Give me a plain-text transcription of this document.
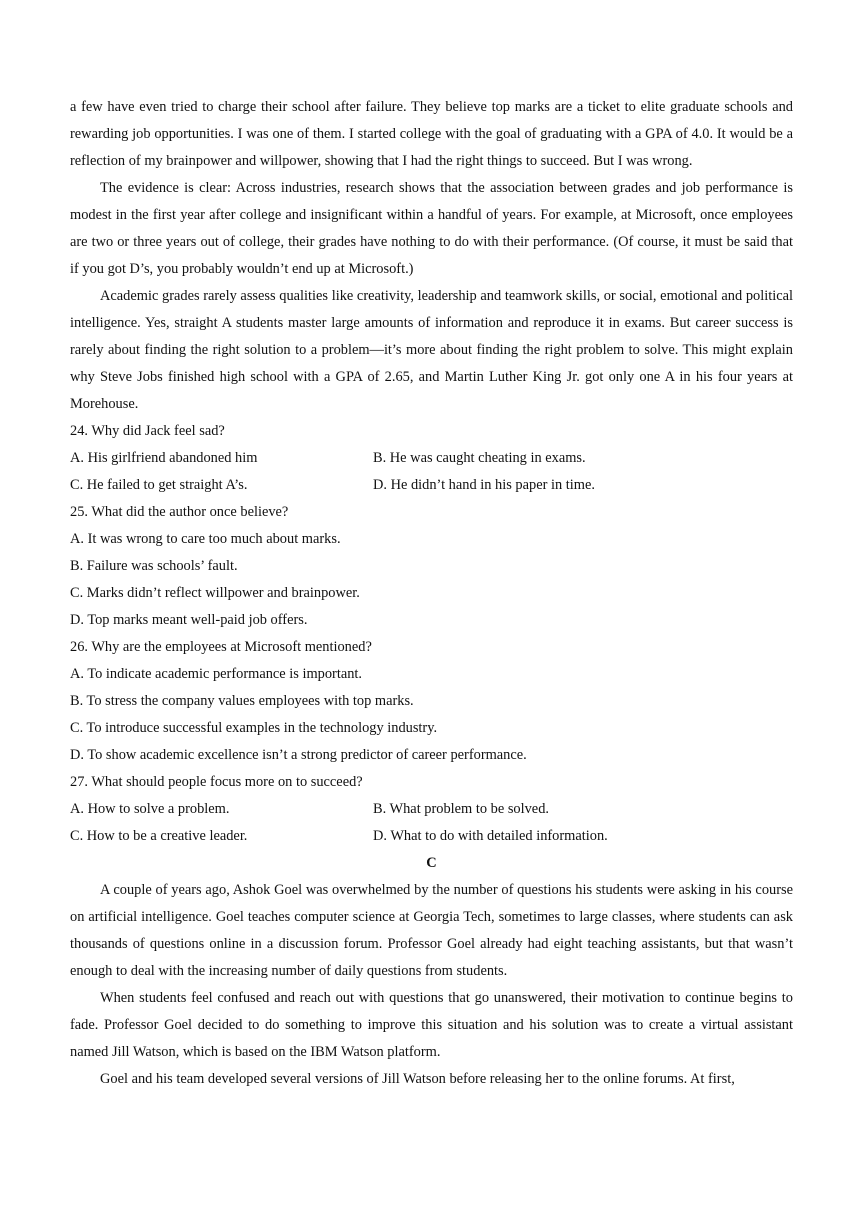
a few have even tried to charge their school after failure. They believe top marks are a ticket to elite graduate schools and rewarding job opportunities. I was one of them. I started college with the goal of graduating with a GPA of 4.0. It would be a reflection of my brainpower and willpower, showing that I had the right things to succeed. But I was wrong.

The evidence is clear: Across industries, research shows that the association between grades and job performance is modest in the first year after college and insignificant within a handful of years. For example, at Microsoft, once employees are two or three years out of college, their grades have nothing to do with their performance. (Of course, it must be said that if you got D’s, you probably wouldn’t end up at Microsoft.)

Academic grades rarely assess qualities like creativity, leadership and teamwork skills, or social, emotional and political intelligence. Yes, straight A students master large amounts of information and reproduce it in exams. But career success is rarely about finding the right solution to a problem—it’s more about finding the right problem to solve. This might explain why Steve Jobs finished high school with a GPA of 2.65, and Martin Luther King Jr. got only one A in his four years at Morehouse.

24. Why did Jack feel sad?

A. His girlfriend abandoned him	B. He was caught cheating in exams.
C. He failed to get straight A’s.	D. He didn’t hand in his paper in time.

25. What did the author once believe?

A. It was wrong to care too much about marks.

B. Failure was schools’ fault.

C. Marks didn’t reflect willpower and brainpower.

D. Top marks meant well-paid job offers.

26. Why are the employees at Microsoft mentioned?

A. To indicate academic performance is important.

B. To stress the company values employees with top marks.

C. To introduce successful examples in the technology industry.

D. To show academic excellence isn’t a strong predictor of career performance.

27. What should people focus more on to succeed?

A. How to solve a problem.	B. What problem to be solved.
C. How to be a creative leader.	D. What to do with detailed information.

C

A couple of years ago, Ashok Goel was overwhelmed by the number of questions his students were asking in his course on artificial intelligence. Goel teaches computer science at Georgia Tech, sometimes to large classes, where students can ask thousands of questions online in a discussion forum. Professor Goel already had eight teaching assistants, but that wasn’t enough to deal with the increasing number of daily questions from students.

When students feel confused and reach out with questions that go unanswered, their motivation to continue begins to fade. Professor Goel decided to do something to improve this situation and his solution was to create a virtual assistant named Jill Watson, which is based on the IBM Watson platform.

Goel and his team developed several versions of Jill Watson before releasing her to the online forums. At first,
